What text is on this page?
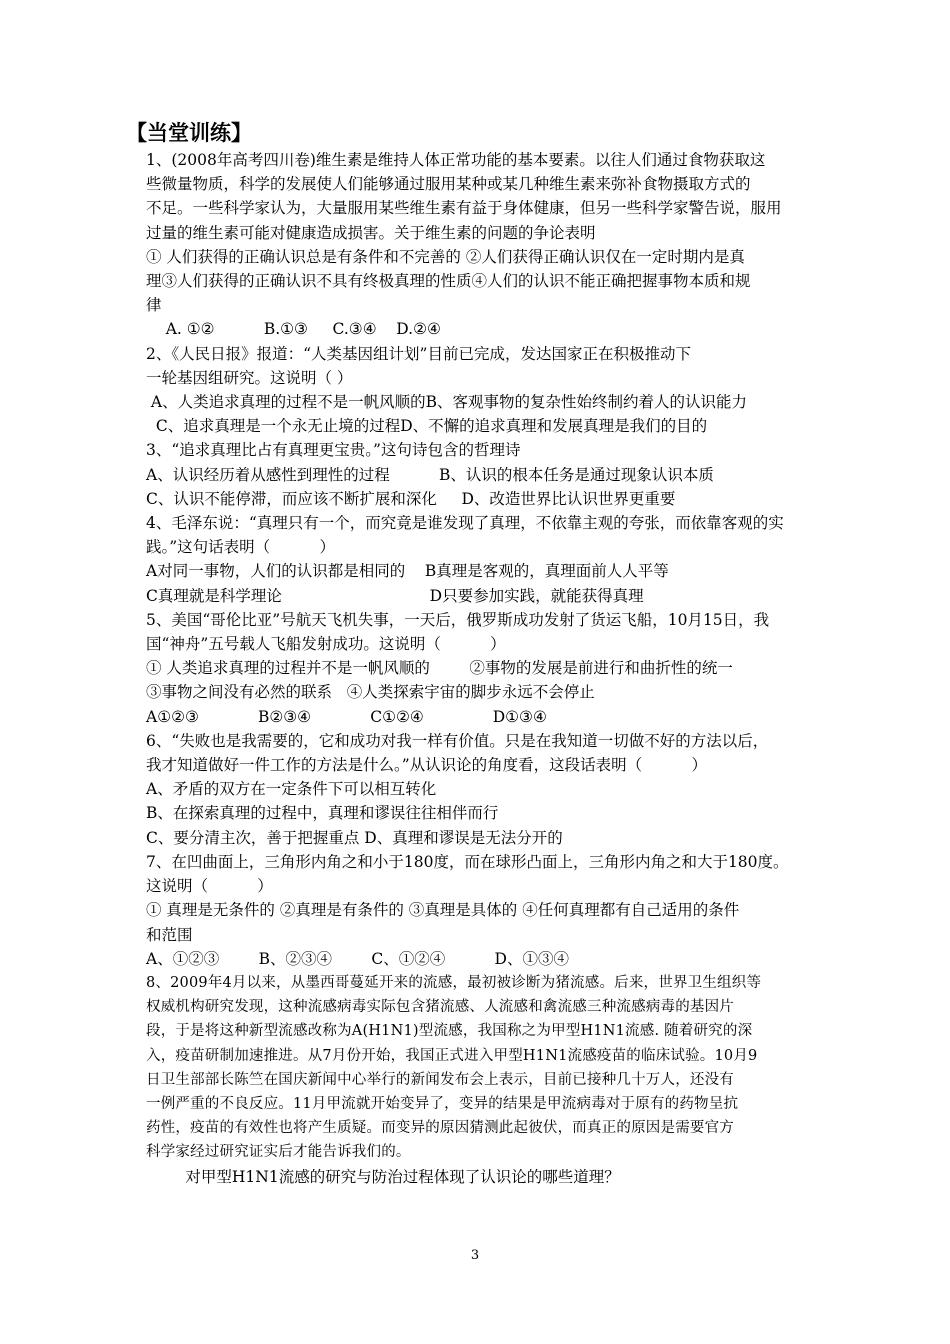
【当堂训练】
1、(2008年高考四川卷)维生素是维持人体正常功能的基本要素。以往人们通过食物获取这
些微量物质，科学的发展使人们能够通过服用某种或某几种维生素来弥补食物摄取方式的
不足。一些科学家认为，大量服用某些维生素有益于身体健康，但另一些科学家警告说，服用
过量的维生素可能对健康造成损害。关于维生素的问题的争论表明
① 人们获得的正确认识总是有条件和不完善的 ②人们获得正确认识仅在一定时期内是真
理③人们获得的正确认识不具有终极真理的性质④人们的认识不能正确把握事物本质和规
律
A. ①②          B.①③     C.③④    D.②④
2、《人民日报》报道：“人类基因组计划”目前已完成，发达国家正在积极推动下
一轮基因组研究。这说明（ ）
A、人类追求真理的过程不是一帆风顺的B、客观事物的复杂性始终制约着人的认识能力
C、追求真理是一个永无止境的过程D、不懈的追求真理和发展真理是我们的目的
3、“追求真理比占有真理更宝贵。”这句诗包含的哲理诗
A、认识经历着从感性到理性的过程          B、认识的根本任务是通过现象认识本质
C、认识不能停滞，而应该不断扩展和深化     D、改造世界比认识世界更重要
4、毛泽东说：“真理只有一个，而究竟是谁发现了真理，不依靠主观的夸张，而依靠客观的实
践。”这句话表明（          ）
A对同一事物，人们的认识都是相同的    B真理是客观的，真理面前人人平等
C真理就是科学理论                              D只要参加实践，就能获得真理
5、美国“哥伦比亚”号航天飞机失事，一天后，俄罗斯成功发射了货运飞船，10月15日，我
国“神舟”五号载人飞船发射成功。这说明（          ）
① 人类追求真理的过程并不是一帆风顺的        ②事物的发展是前进行和曲折性的统一
③事物之间没有必然的联系   ④人类探索宇宙的脚步永远不会停止
A①②③            B②③④            C①②④              D①③④
6、“失败也是我需要的，它和成功对我一样有价值。只是在我知道一切做不好的方法以后，
我才知道做好一件工作的方法是什么。”从认识论的角度看，这段话表明（          ）
A、矛盾的双方在一定条件下可以相互转化
B、在探索真理的过程中，真理和谬误往往相伴而行
C、要分清主次，善于把握重点 D、真理和谬误是无法分开的
7、在凹曲面上，三角形内角之和小于180度，而在球形凸面上，三角形内角之和大于180度。
这说明（          ）
① 真理是无条件的 ②真理是有条件的 ③真理是具体的 ④任何真理都有自己适用的条件
和范围
A、①②③        B、②③④        C、①②④          D、①③④
8、2009年4月以来，从墨西哥蔓延开来的流感，最初被诊断为猪流感。后来，世界卫生组织等
权威机构研究发现，这种流感病毒实际包含猪流感、人流感和禽流感三种流感病毒的基因片
段，于是将这种新型流感改称为A(H1N1)型流感，我国称之为甲型H1N1流感. 随着研究的深
入，疫苗研制加速推进。从7月份开始，我国正式进入甲型H1N1流感疫苗的临床试验。10月9
日卫生部部长陈竺在国庆新闻中心举行的新闻发布会上表示，目前已接种几十万人，还没有
一例严重的不良反应。11月甲流就开始变异了，变异的结果是甲流病毒对于原有的药物呈抗
药性，疫苗的有效性也将产生质疑。而变异的原因猜测此起彼伏，而真正的原因是需要官方
科学家经过研究证实后才能告诉我们的。
对甲型H1N1流感的研究与防治过程体现了认识论的哪些道理？
3
